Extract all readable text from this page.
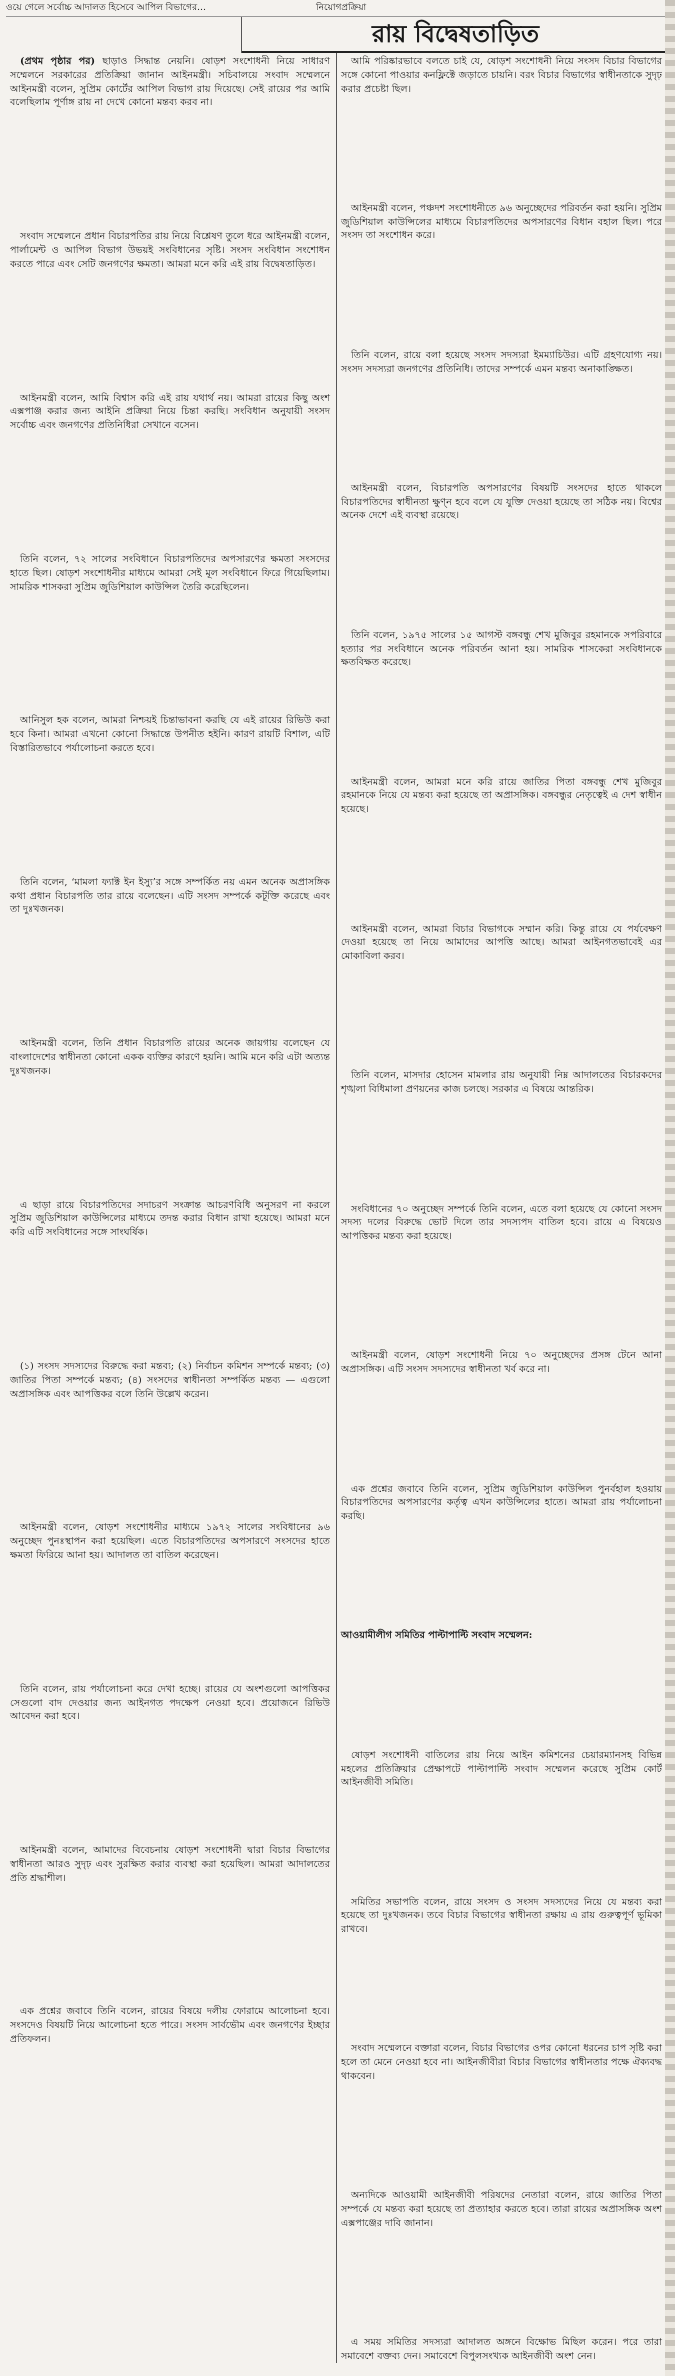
ওয়ে গেলে সর্বোচ্চ আদালত হিসেবে আপিল বিভাগের…	নিয়োগপ্রক্রিয়া
রায় বিদ্বেষতাড়িত

(প্রথম পৃষ্ঠার পর) ছাড়াও সিদ্ধান্ত নেয়নি। ষোড়শ সংশোধনী নিয়ে সাধারণ সম্মেলনে সরকারের প্রতিক্রিয়া জানান আইনমন্ত্রী। সচিবালয়ে সংবাদ সম্মেলনে আইনমন্ত্রী বলেন, সুপ্রিম কোর্টের আপিল বিভাগ রায় দিয়েছে। সেই রায়ের পর আমি বলেছিলাম পূর্ণাঙ্গ রায় না দেখে কোনো মন্তব্য করব না।

সংবাদ সম্মেলনে প্রধান বিচারপতির রায় নিয়ে বিশ্লেষণ তুলে ধরে আইনমন্ত্রী বলেন, পার্লামেন্ট ও আপিল বিভাগ উভয়ই সংবিধানের সৃষ্টি। সংসদ সংবিধান সংশোধন করতে পারে এবং সেটি জনগণের ক্ষমতা। আমরা মনে করি এই রায় বিদ্বেষতাড়িত।

আইনমন্ত্রী বলেন, আমি বিশ্বাস করি এই রায় যথার্থ নয়। আমরা রায়ের কিছু অংশ এক্সপাঞ্জ করার জন্য আইনি প্রক্রিয়া নিয়ে চিন্তা করছি। সংবিধান অনুযায়ী সংসদ সর্বোচ্চ এবং জনগণের প্রতিনিধিরা সেখানে বসেন।

তিনি বলেন, ৭২ সালের সংবিধানে বিচারপতিদের অপসারণের ক্ষমতা সংসদের হাতে ছিল। ষোড়শ সংশোধনীর মাধ্যমে আমরা সেই মূল সংবিধানে ফিরে গিয়েছিলাম। সামরিক শাসকরা সুপ্রিম জুডিশিয়াল কাউন্সিল তৈরি করেছিলেন।

আনিসুল হক বলেন, আমরা নিশ্চয়ই চিন্তাভাবনা করছি যে এই রায়ের রিভিউ করা হবে কিনা। আমরা এখনো কোনো সিদ্ধান্তে উপনীত হইনি। কারণ রায়টি বিশাল, এটি বিস্তারিতভাবে পর্যালোচনা করতে হবে।

তিনি বলেন, ‘মামলা ফ্যাক্ট ইন ইস্যু’র সঙ্গে সম্পর্কিত নয় এমন অনেক অপ্রাসঙ্গিক কথা প্রধান বিচারপতি তার রায়ে বলেছেন। এটি সংসদ সম্পর্কে কটূক্তি করেছে এবং তা দুঃখজনক।

আইনমন্ত্রী বলেন, তিনি প্রধান বিচারপতি রায়ের অনেক জায়গায় বলেছেন যে বাংলাদেশের স্বাধীনতা কোনো একক ব্যক্তির কারণে হয়নি। আমি মনে করি এটা অত্যন্ত দুঃখজনক।

এ ছাড়া রায়ে বিচারপতিদের সদাচরণ সংক্রান্ত আচরণবিধি অনুসরণ না করলে সুপ্রিম জুডিশিয়াল কাউন্সিলের মাধ্যমে তদন্ত করার বিধান রাখা হয়েছে। আমরা মনে করি এটি সংবিধানের সঙ্গে সাংঘর্ষিক।

(১) সংসদ সদস্যদের বিরুদ্ধে করা মন্তব্য; (২) নির্বাচন কমিশন সম্পর্কে মন্তব্য; (৩) জাতির পিতা সম্পর্কে মন্তব্য; (৪) সংসদের স্বাধীনতা সম্পর্কিত মন্তব্য — এগুলো অপ্রাসঙ্গিক এবং আপত্তিকর বলে তিনি উল্লেখ করেন।

আইনমন্ত্রী বলেন, ষোড়শ সংশোধনীর মাধ্যমে ১৯৭২ সালের সংবিধানের ৯৬ অনুচ্ছেদ পুনঃস্থাপন করা হয়েছিল। এতে বিচারপতিদের অপসারণে সংসদের হাতে ক্ষমতা ফিরিয়ে আনা হয়। আদালত তা বাতিল করেছেন।

তিনি বলেন, রায় পর্যালোচনা করে দেখা হচ্ছে। রায়ের যে অংশগুলো আপত্তিকর সেগুলো বাদ দেওয়ার জন্য আইনগত পদক্ষেপ নেওয়া হবে। প্রয়োজনে রিভিউ আবেদন করা হবে।

আইনমন্ত্রী বলেন, আমাদের বিবেচনায় ষোড়শ সংশোধনী দ্বারা বিচার বিভাগের স্বাধীনতা আরও সুদৃঢ় এবং সুরক্ষিত করার ব্যবস্থা করা হয়েছিল। আমরা আদালতের প্রতি শ্রদ্ধাশীল।

এক প্রশ্নের জবাবে তিনি বলেন, রায়ের বিষয়ে দলীয় ফোরামে আলোচনা হবে। সংসদেও বিষয়টি নিয়ে আলোচনা হতে পারে। সংসদ সার্বভৌম এবং জনগণের ইচ্ছার প্রতিফলন।

আমি পরিষ্কারভাবে বলতে চাই যে, ষোড়শ সংশোধনী নিয়ে সংসদ বিচার বিভাগের সঙ্গে কোনো পাওয়ার কনফ্লিক্টে জড়াতে চায়নি। বরং বিচার বিভাগের স্বাধীনতাকে সুদৃঢ় করার প্রচেষ্টা ছিল।

আইনমন্ত্রী বলেন, পঞ্চদশ সংশোধনীতে ৯৬ অনুচ্ছেদের পরিবর্তন করা হয়নি। সুপ্রিম জুডিশিয়াল কাউন্সিলের মাধ্যমে বিচারপতিদের অপসারণের বিধান বহাল ছিল। পরে সংসদ তা সংশোধন করে।

তিনি বলেন, রায়ে বলা হয়েছে সংসদ সদস্যরা ইমম্যাচিউর। এটি গ্রহণযোগ্য নয়। সংসদ সদস্যরা জনগণের প্রতিনিধি। তাদের সম্পর্কে এমন মন্তব্য অনাকাঙ্ক্ষিত।

আইনমন্ত্রী বলেন, বিচারপতি অপসারণের বিষয়টি সংসদের হাতে থাকলে বিচারপতিদের স্বাধীনতা ক্ষুণ্ন হবে বলে যে যুক্তি দেওয়া হয়েছে তা সঠিক নয়। বিশ্বের অনেক দেশে এই ব্যবস্থা রয়েছে।

তিনি বলেন, ১৯৭৫ সালের ১৫ আগস্ট বঙ্গবন্ধু শেখ মুজিবুর রহমানকে সপরিবারে হত্যার পর সংবিধানে অনেক পরিবর্তন আনা হয়। সামরিক শাসকেরা সংবিধানকে ক্ষতবিক্ষত করেছে।

আইনমন্ত্রী বলেন, আমরা মনে করি রায়ে জাতির পিতা বঙ্গবন্ধু শেখ মুজিবুর রহমানকে নিয়ে যে মন্তব্য করা হয়েছে তা অপ্রাসঙ্গিক। বঙ্গবন্ধুর নেতৃত্বেই এ দেশ স্বাধীন হয়েছে।

আইনমন্ত্রী বলেন, আমরা বিচার বিভাগকে সম্মান করি। কিন্তু রায়ে যে পর্যবেক্ষণ দেওয়া হয়েছে তা নিয়ে আমাদের আপত্তি আছে। আমরা আইনগতভাবেই এর মোকাবিলা করব।

তিনি বলেন, মাসদার হোসেন মামলার রায় অনুযায়ী নিম্ন আদালতের বিচারকদের শৃঙ্খলা বিধিমালা প্রণয়নের কাজ চলছে। সরকার এ বিষয়ে আন্তরিক।

সংবিধানের ৭০ অনুচ্ছেদ সম্পর্কে তিনি বলেন, এতে বলা হয়েছে যে কোনো সংসদ সদস্য দলের বিরুদ্ধে ভোট দিলে তার সদস্যপদ বাতিল হবে। রায়ে এ বিষয়েও আপত্তিকর মন্তব্য করা হয়েছে।

আইনমন্ত্রী বলেন, ষোড়শ সংশোধনী নিয়ে ৭০ অনুচ্ছেদের প্রসঙ্গ টেনে আনা অপ্রাসঙ্গিক। এটি সংসদ সদস্যদের স্বাধীনতা খর্ব করে না।

এক প্রশ্নের জবাবে তিনি বলেন, সুপ্রিম জুডিশিয়াল কাউন্সিল পুনর্বহাল হওয়ায় বিচারপতিদের অপসারণের কর্তৃত্ব এখন কাউন্সিলের হাতে। আমরা রায় পর্যালোচনা করছি।

আওয়ামীলীগ সমিতির পাল্টাপাল্টি সংবাদ সম্মেলন:

ষোড়শ সংশোধনী বাতিলের রায় নিয়ে আইন কমিশনের চেয়ারম্যানসহ বিভিন্ন মহলের প্রতিক্রিয়ার প্রেক্ষাপটে পাল্টাপাল্টি সংবাদ সম্মেলন করেছে সুপ্রিম কোর্ট আইনজীবী সমিতি।

সমিতির সভাপতি বলেন, রায়ে সংসদ ও সংসদ সদস্যদের নিয়ে যে মন্তব্য করা হয়েছে তা দুঃখজনক। তবে বিচার বিভাগের স্বাধীনতা রক্ষায় এ রায় গুরুত্বপূর্ণ ভূমিকা রাখবে।

সংবাদ সম্মেলনে বক্তারা বলেন, বিচার বিভাগের ওপর কোনো ধরনের চাপ সৃষ্টি করা হলে তা মেনে নেওয়া হবে না। আইনজীবীরা বিচার বিভাগের স্বাধীনতার পক্ষে ঐক্যবদ্ধ থাকবেন।

অন্যদিকে আওয়ামী আইনজীবী পরিষদের নেতারা বলেন, রায়ে জাতির পিতা সম্পর্কে যে মন্তব্য করা হয়েছে তা প্রত্যাহার করতে হবে। তারা রায়ের অপ্রাসঙ্গিক অংশ এক্সপাঞ্জের দাবি জানান।

এ সময় সমিতির সদস্যরা আদালত অঙ্গনে বিক্ষোভ মিছিল করেন। পরে তারা সমাবেশে বক্তব্য দেন। সমাবেশে বিপুলসংখ্যক আইনজীবী অংশ নেন।
